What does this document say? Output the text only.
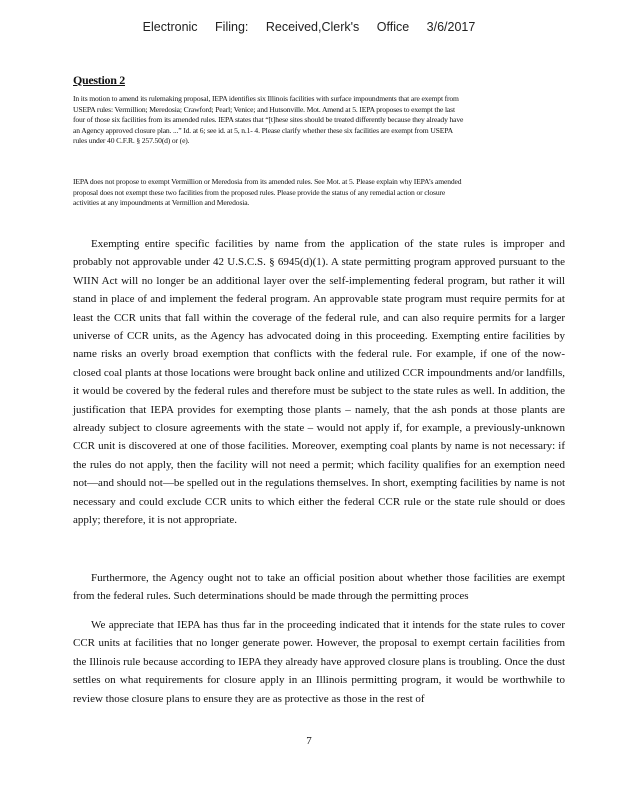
Electronic Filing: Received,Clerk's Office 3/6/2017
Question 2

In its motion to amend its rulemaking proposal, IEPA identifies six Illinois facilities with surface impoundments that are exempt from USEPA rules: Vermillion; Meredosia; Crawford; Pearl; Venice; and Hutsonville. Mot. Amend at 5. IEPA proposes to exempt the last four of those six facilities from its amended rules. IEPA states that “[t]hese sites should be treated differently because they already have an Agency approved closure plan. ...” Id. at 6; see id. at 5, n.1- 4. Please clarify whether these six facilities are exempt from USEPA rules under 40 C.F.R. § 257.50(d) or (e).

IEPA does not propose to exempt Vermillion or Meredosia from its amended rules. See Mot. at 5. Please explain why IEPA’s amended proposal does not exempt these two facilities from the proposed rules. Please provide the status of any remedial action or closure activities at any impoundments at Vermillion and Meredosia.

Exempting entire specific facilities by name from the application of the state rules is improper and probably not approvable under 42 U.S.C.S. § 6945(d)(1). A state permitting program approved pursuant to the WIIN Act will no longer be an additional layer over the self-implementing federal program, but rather it will stand in place of and implement the federal program. An approvable state program must require permits for at least the CCR units that fall within the coverage of the federal rule, and can also require permits for a larger universe of CCR units, as the Agency has advocated doing in this proceeding. Exempting entire facilities by name risks an overly broad exemption that conflicts with the federal rule. For example, if one of the now-closed coal plants at those locations were brought back online and utilized CCR impoundments and/or landfills, it would be covered by the federal rules and therefore must be subject to the state rules as well. In addition, the justification that IEPA provides for exempting those plants – namely, that the ash ponds at those plants are already subject to closure agreements with the state – would not apply if, for example, a previously-unknown CCR unit is discovered at one of those facilities. Moreover, exempting coal plants by name is not necessary: if the rules do not apply, then the facility will not need a permit; which facility qualifies for an exemption need not—and should not—be spelled out in the regulations themselves. In short, exempting facilities by name is not necessary and could exclude CCR units to which either the federal CCR rule or the state rule should or does apply; therefore, it is not appropriate.

Furthermore, the Agency ought not to take an official position about whether those facilities are exempt from the federal rules. Such determinations should be made through the permitting proces

We appreciate that IEPA has thus far in the proceeding indicated that it intends for the state rules to cover CCR units at facilities that no longer generate power. However, the proposal to exempt certain facilities from the Illinois rule because according to IEPA they already have approved closure plans is troubling. Once the dust settles on what requirements for closure apply in an Illinois permitting program, it would be worthwhile to review those closure plans to ensure they are as protective as those in the rest of

7
